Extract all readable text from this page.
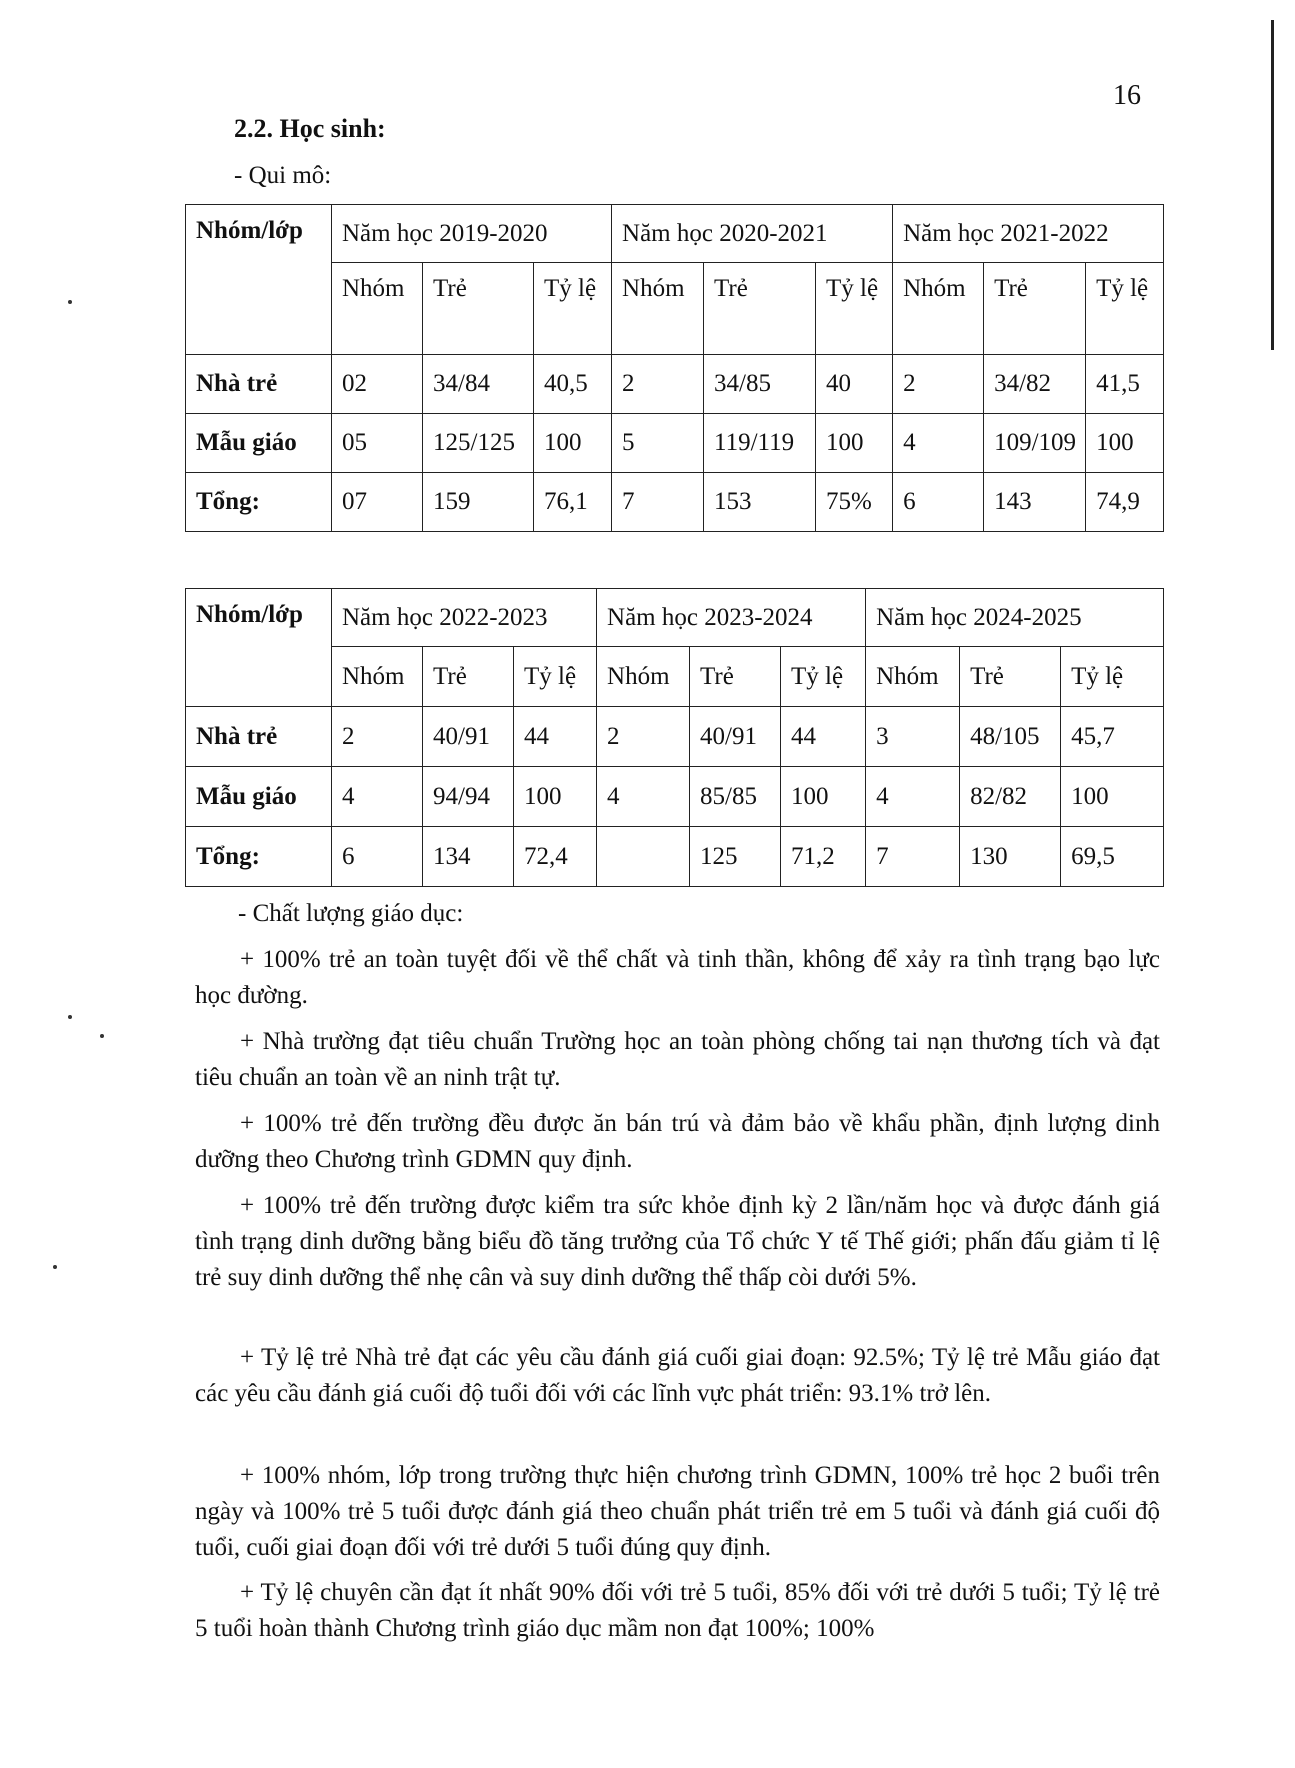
16
2.2. Học sinh:
- Qui mô:
Nhóm/lớp	Năm học 2019-2020			Năm học 2020-2021			Năm học 2021-2022		
	Nhóm	Trẻ	Tỷ lệ	Nhóm	Trẻ	Tỷ lệ	Nhóm	Trẻ	Tỷ lệ
Nhà trẻ	02	34/84	40,5	2	34/85	40	2	34/82	41,5
Mẫu giáo	05	125/125	100	5	119/119	100	4	109/109	100
Tổng:	07	159	76,1	7	153	75%	6	143	74,9
Nhóm/lớp	Năm học 2022-2023			Năm học 2023-2024			Năm học 2024-2025		
	Nhóm	Trẻ	Tỷ lệ	Nhóm	Trẻ	Tỷ lệ	Nhóm	Trẻ	Tỷ lệ
Nhà trẻ	2	40/91	44	2	40/91	44	3	48/105	45,7
Mẫu giáo	4	94/94	100	4	85/85	100	4	82/82	100
Tổng:	6	134	72,4		125	71,2	7	130	69,5
- Chất lượng giáo dục:
+ 100% trẻ an toàn tuyệt đối về thể chất và tinh thần, không để xảy ra tình trạng bạo lực học đường.
+ Nhà trường đạt tiêu chuẩn Trường học an toàn phòng chống tai nạn thương tích và đạt tiêu chuẩn an toàn về an ninh trật tự.
+ 100% trẻ đến trường đều được ăn bán trú và đảm bảo về khẩu phần, định lượng dinh dưỡng theo Chương trình GDMN quy định.
+ 100% trẻ đến trường được kiểm tra sức khỏe định kỳ 2 lần/năm học và được đánh giá tình trạng dinh dưỡng bằng biểu đồ tăng trưởng của Tổ chức Y tế Thế giới; phấn đấu giảm tỉ lệ trẻ suy dinh dưỡng thể nhẹ cân và suy dinh dưỡng thể thấp còi dưới 5%.
+ Tỷ lệ trẻ Nhà trẻ đạt các yêu cầu đánh giá cuối giai đoạn: 92.5%; Tỷ lệ trẻ Mẫu giáo đạt các yêu cầu đánh giá cuối độ tuổi đối với các lĩnh vực phát triển: 93.1% trở lên.
+ 100% nhóm, lớp trong trường thực hiện chương trình GDMN, 100% trẻ học 2 buổi trên ngày và 100% trẻ 5 tuổi được đánh giá theo chuẩn phát triển trẻ em 5 tuổi và đánh giá cuối độ tuổi, cuối giai đoạn đối với trẻ dưới 5 tuổi đúng quy định.
+ Tỷ lệ chuyên cần đạt ít nhất 90% đối với trẻ 5 tuổi, 85% đối với trẻ dưới 5 tuổi; Tỷ lệ trẻ 5 tuổi hoàn thành Chương trình giáo dục mầm non đạt 100%; 100%
